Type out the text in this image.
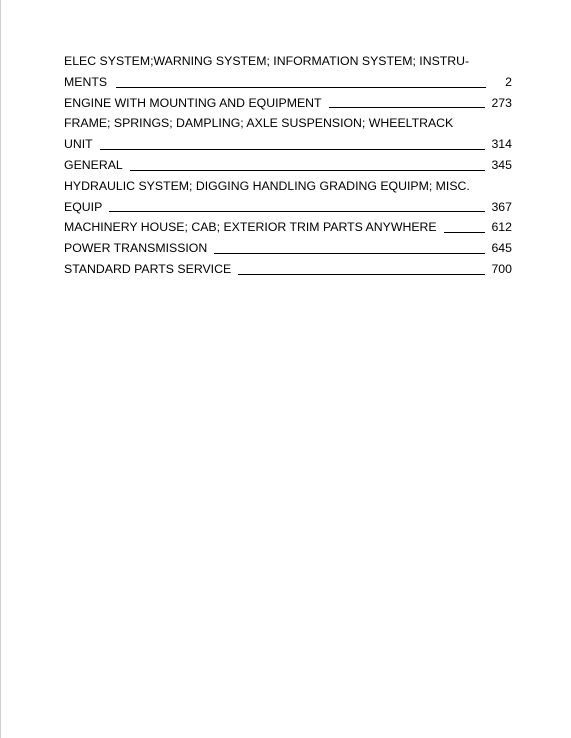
ELEC SYSTEM;WARNING SYSTEM; INFORMATION SYSTEM; INSTRU-
MENTS	2
ENGINE WITH MOUNTING AND EQUIPMENT	273
FRAME; SPRINGS; DAMPLING; AXLE SUSPENSION; WHEELTRACK
UNIT	314
GENERAL	345
HYDRAULIC SYSTEM; DIGGING HANDLING GRADING EQUIPM; MISC.
EQUIP	367
MACHINERY HOUSE; CAB; EXTERIOR TRIM PARTS ANYWHERE	612
POWER TRANSMISSION	645
STANDARD PARTS SERVICE	700
